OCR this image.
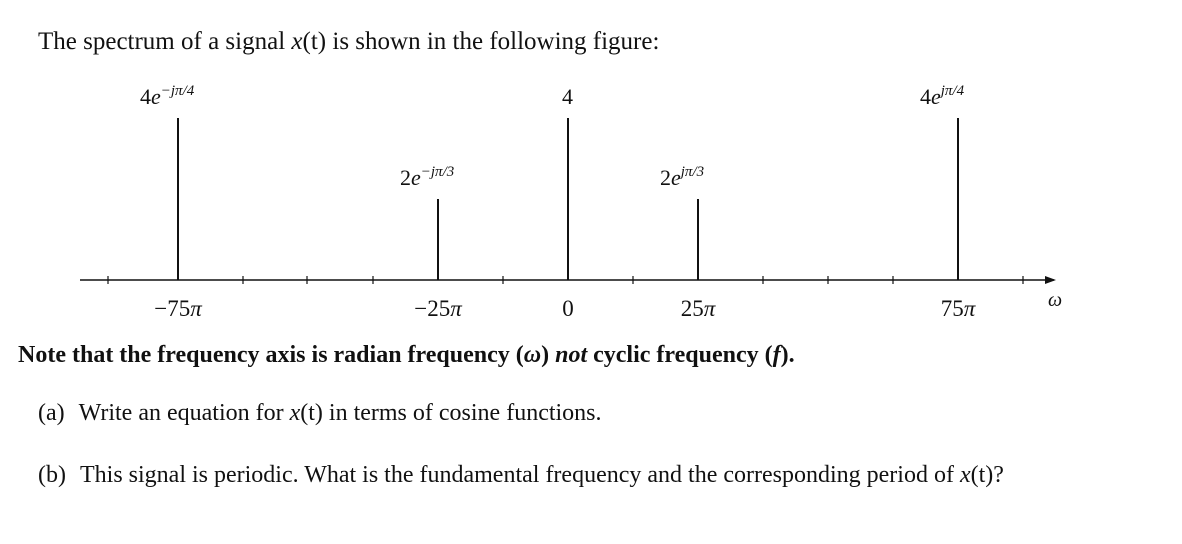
The spectrum of a signal x(t) is shown in the following figure:
$4e^{-j\pi/4}$
$2e^{-j\pi/3}$
4
$2e^{j\pi/3}$
$4e^{j\pi/4}$
−75π	−25π	0	25π	75π	ω
Note that the frequency axis is radian frequency (ω) not cyclic frequency (f).
(a) Write an equation for x(t) in terms of cosine functions.
(b) This signal is periodic. What is the fundamental frequency and the corresponding period of x(t)?
